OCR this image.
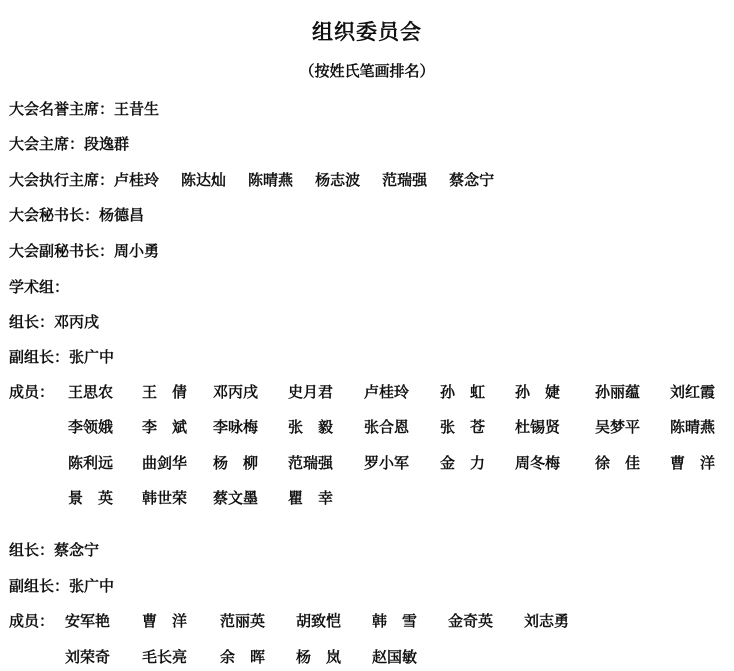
组织委员会
（按姓氏笔画排名）
大会名誉主席：王昔生
大会主席：段逸群
大会执行主席：卢桂玲 陈达灿 陈晴燕 杨志波 范瑞强 蔡念宁
大会秘书长：杨德昌
大会副秘书长：周小勇
学术组：
组长：邓丙戌
副组长：张广中
成员： 王思农	王　倩	邓丙戌	史月君	卢桂玲	孙　虹	孙　婕	孙丽蕴	刘红霞
李领娥	李　斌	李咏梅	张　毅	张合恩	张　苍	杜锡贤	吴梦平	陈晴燕
陈利远	曲剑华	杨　柳	范瑞强	罗小军	金　力	周冬梅	徐　佳	曹　洋
景　英	韩世荣	蔡文墨	瞿　幸
组长：蔡念宁
副组长：张广中
成员： 安军艳	曹　洋	范丽英	胡致恺	韩　雪	金奇英	刘志勇
刘荣奇	毛长亮	余　晖	杨　岚	赵国敏
